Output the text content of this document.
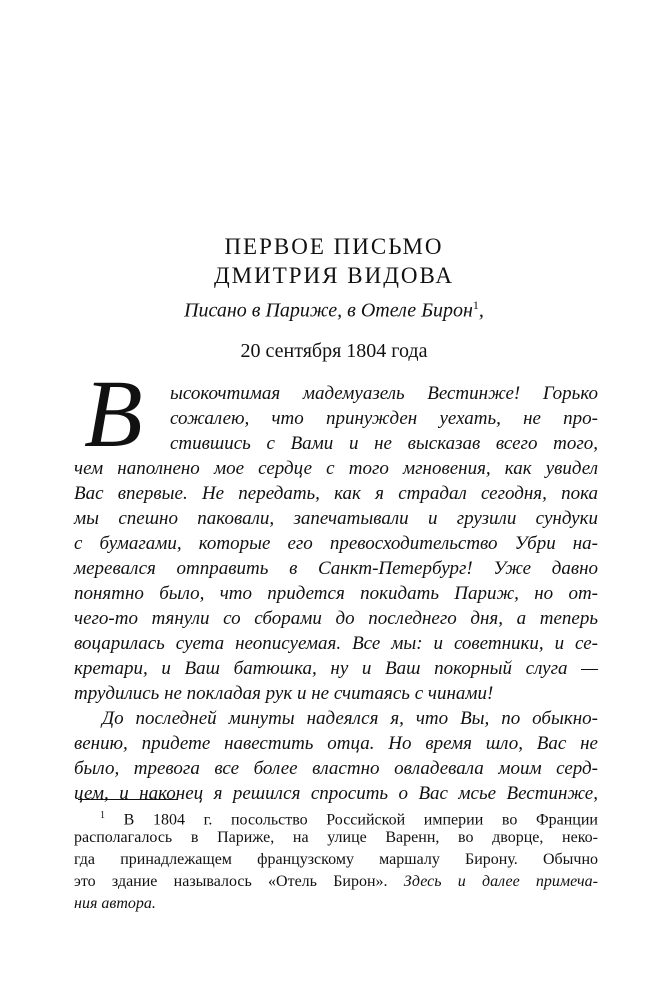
ПЕРВОЕ ПИСЬМО
ДМИТРИЯ ВИДОВА
Писано в Париже, в Отеле Бирон$^1$,
20 сентября 1804 года
В ысокочтимая мадемуазель Вестинже! Горько
сожалею, что принужден уехать, не про-
стившись с Вами и не высказав всего того,
чем наполнено мое сердце с того мгновения, как увидел
Вас впервые. Не передать, как я страдал сегодня, пока
мы спешно паковали, запечатывали и грузили сундуки
с бумагами, которые его превосходительство Убри на-
меревался отправить в Санкт-Петербург! Уже давно
понятно было, что придется покидать Париж, но от-
чего-то тянули со сборами до последнего дня, а теперь
воцарилась суета неописуемая. Все мы: и советники, и се-
кретари, и Ваш батюшка, ну и Ваш покорный слуга —
трудились не покладая рук и не считаясь с чинами!
До последней минуты надеялся я, что Вы, по обыкно-
вению, придете навестить отца. Но время шло, Вас не
было, тревога все более властно овладевала моим серд-
цем, и наконец я решился спросить о Вас мсье Вестинже,
$^1$ В 1804 г. посольство Российской империи во Франции
располагалось в Париже, на улице Варенн, во дворце, неко-
гда принадлежащем французскому маршалу Бирону. Обычно
это здание называлось «Отель Бирон». Здесь и далее примеча-
ния автора.
